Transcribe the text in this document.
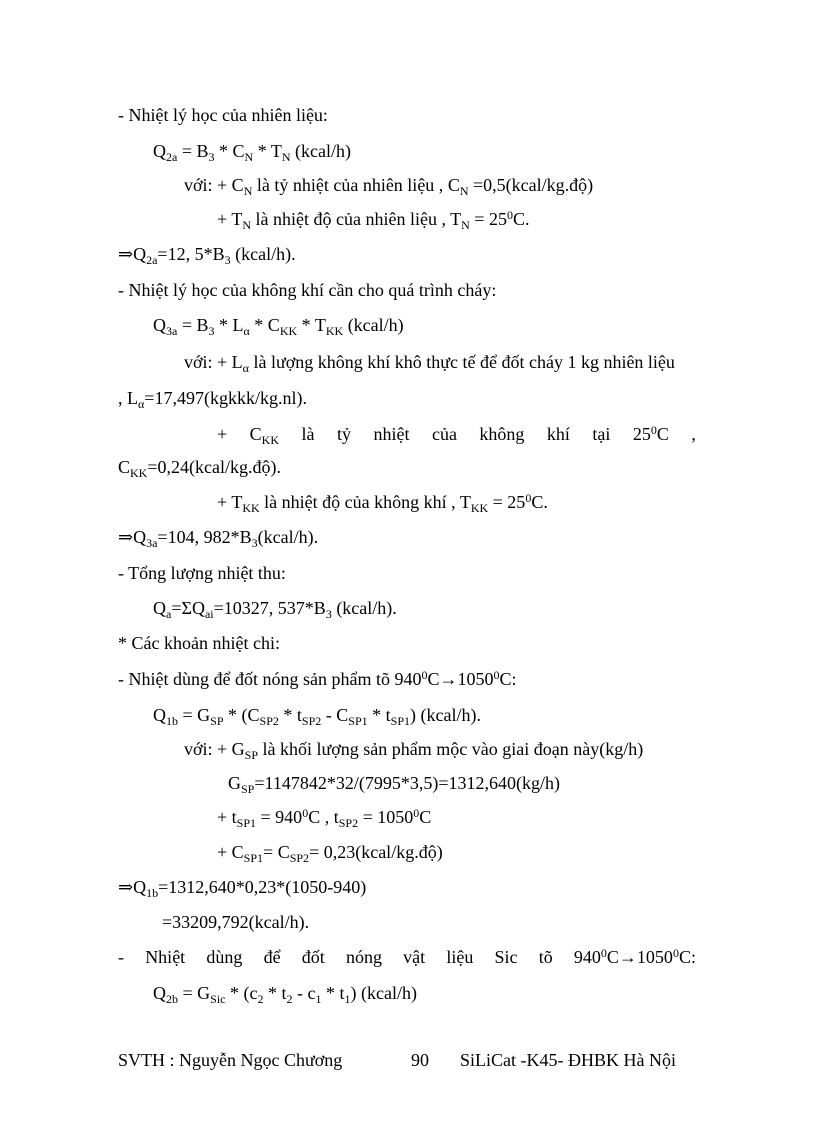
- Nhiệt lý học của nhiên liệu:
$Q_{2a} = B_3 * C_N * T_N$ (kcal/h)
với: + $C_N$ là tỷ nhiệt của nhiên liệu , $C_N$ =0,5(kcal/kg.độ)
+ $T_N$ là nhiệt độ của nhiên liệu , $T_N = 25^0C$.
$\Rightarrow Q_{2a}=12$, $5*B_3$ (kcal/h).
- Nhiệt lý học của không khí cần cho quá trình cháy:
$Q_{3a} = B_3 * L_\alpha * C_{KK} * T_{KK}$ (kcal/h)
với: + $L_\alpha$ là lượng không khí khô thực tế để đốt cháy 1 kg nhiên liệu
, $L_\alpha=17,497(kgkkk/kg.nl)$.
+ $C_{KK}$ là tỷ nhiệt của không khí tại $25^0C$ ,
$C_{KK}=0,24(kcal/kg.độ)$.
+ $T_{KK}$ là nhiệt độ của không khí , $T_{KK} = 25^0C$.
$\Rightarrow Q_{3a}=104$, $982*B_3(kcal/h)$.
- Tổng lượng nhiệt thu:
$Q_a=\Sigma Q_{ai}=10327$, $537*B_3$ (kcal/h).
* Các khoản nhiệt chi:
- Nhiệt dùng để đốt nóng sản phẩm tõ $940^0C\to 1050^0C$:
$Q_{1b} = G_{SP} * (C_{SP2} * t_{SP2} - C_{SP1} * t_{SP1})$ (kcal/h).
với: + $G_{SP}$ là khối lượng sản phẩm mộc vào giai đoạn này(kg/h)
$G_{SP}=1147842*32/(7995*3,5)=1312,640(kg/h)$
+ $t_{SP1} = 940^0C$ , $t_{SP2} = 1050^0C$
+ $C_{SP1}= C_{SP2}=$ 0,23(kcal/kg.độ)
$\Rightarrow Q_{1b}=1312,640*0,23*(1050-940)$
=33209,792(kcal/h).
- Nhiệt dùng để đốt nóng vật liệu Sic tõ $940^0C\to 1050^0C$:
$Q_{2b} = G_{Sic} * (c_2 * t_2 - c_1 * t_1)$ (kcal/h)
SVTH : Nguyễn Ngọc Chương	90 SiLiCat -K45- ĐHBK Hà Nội
